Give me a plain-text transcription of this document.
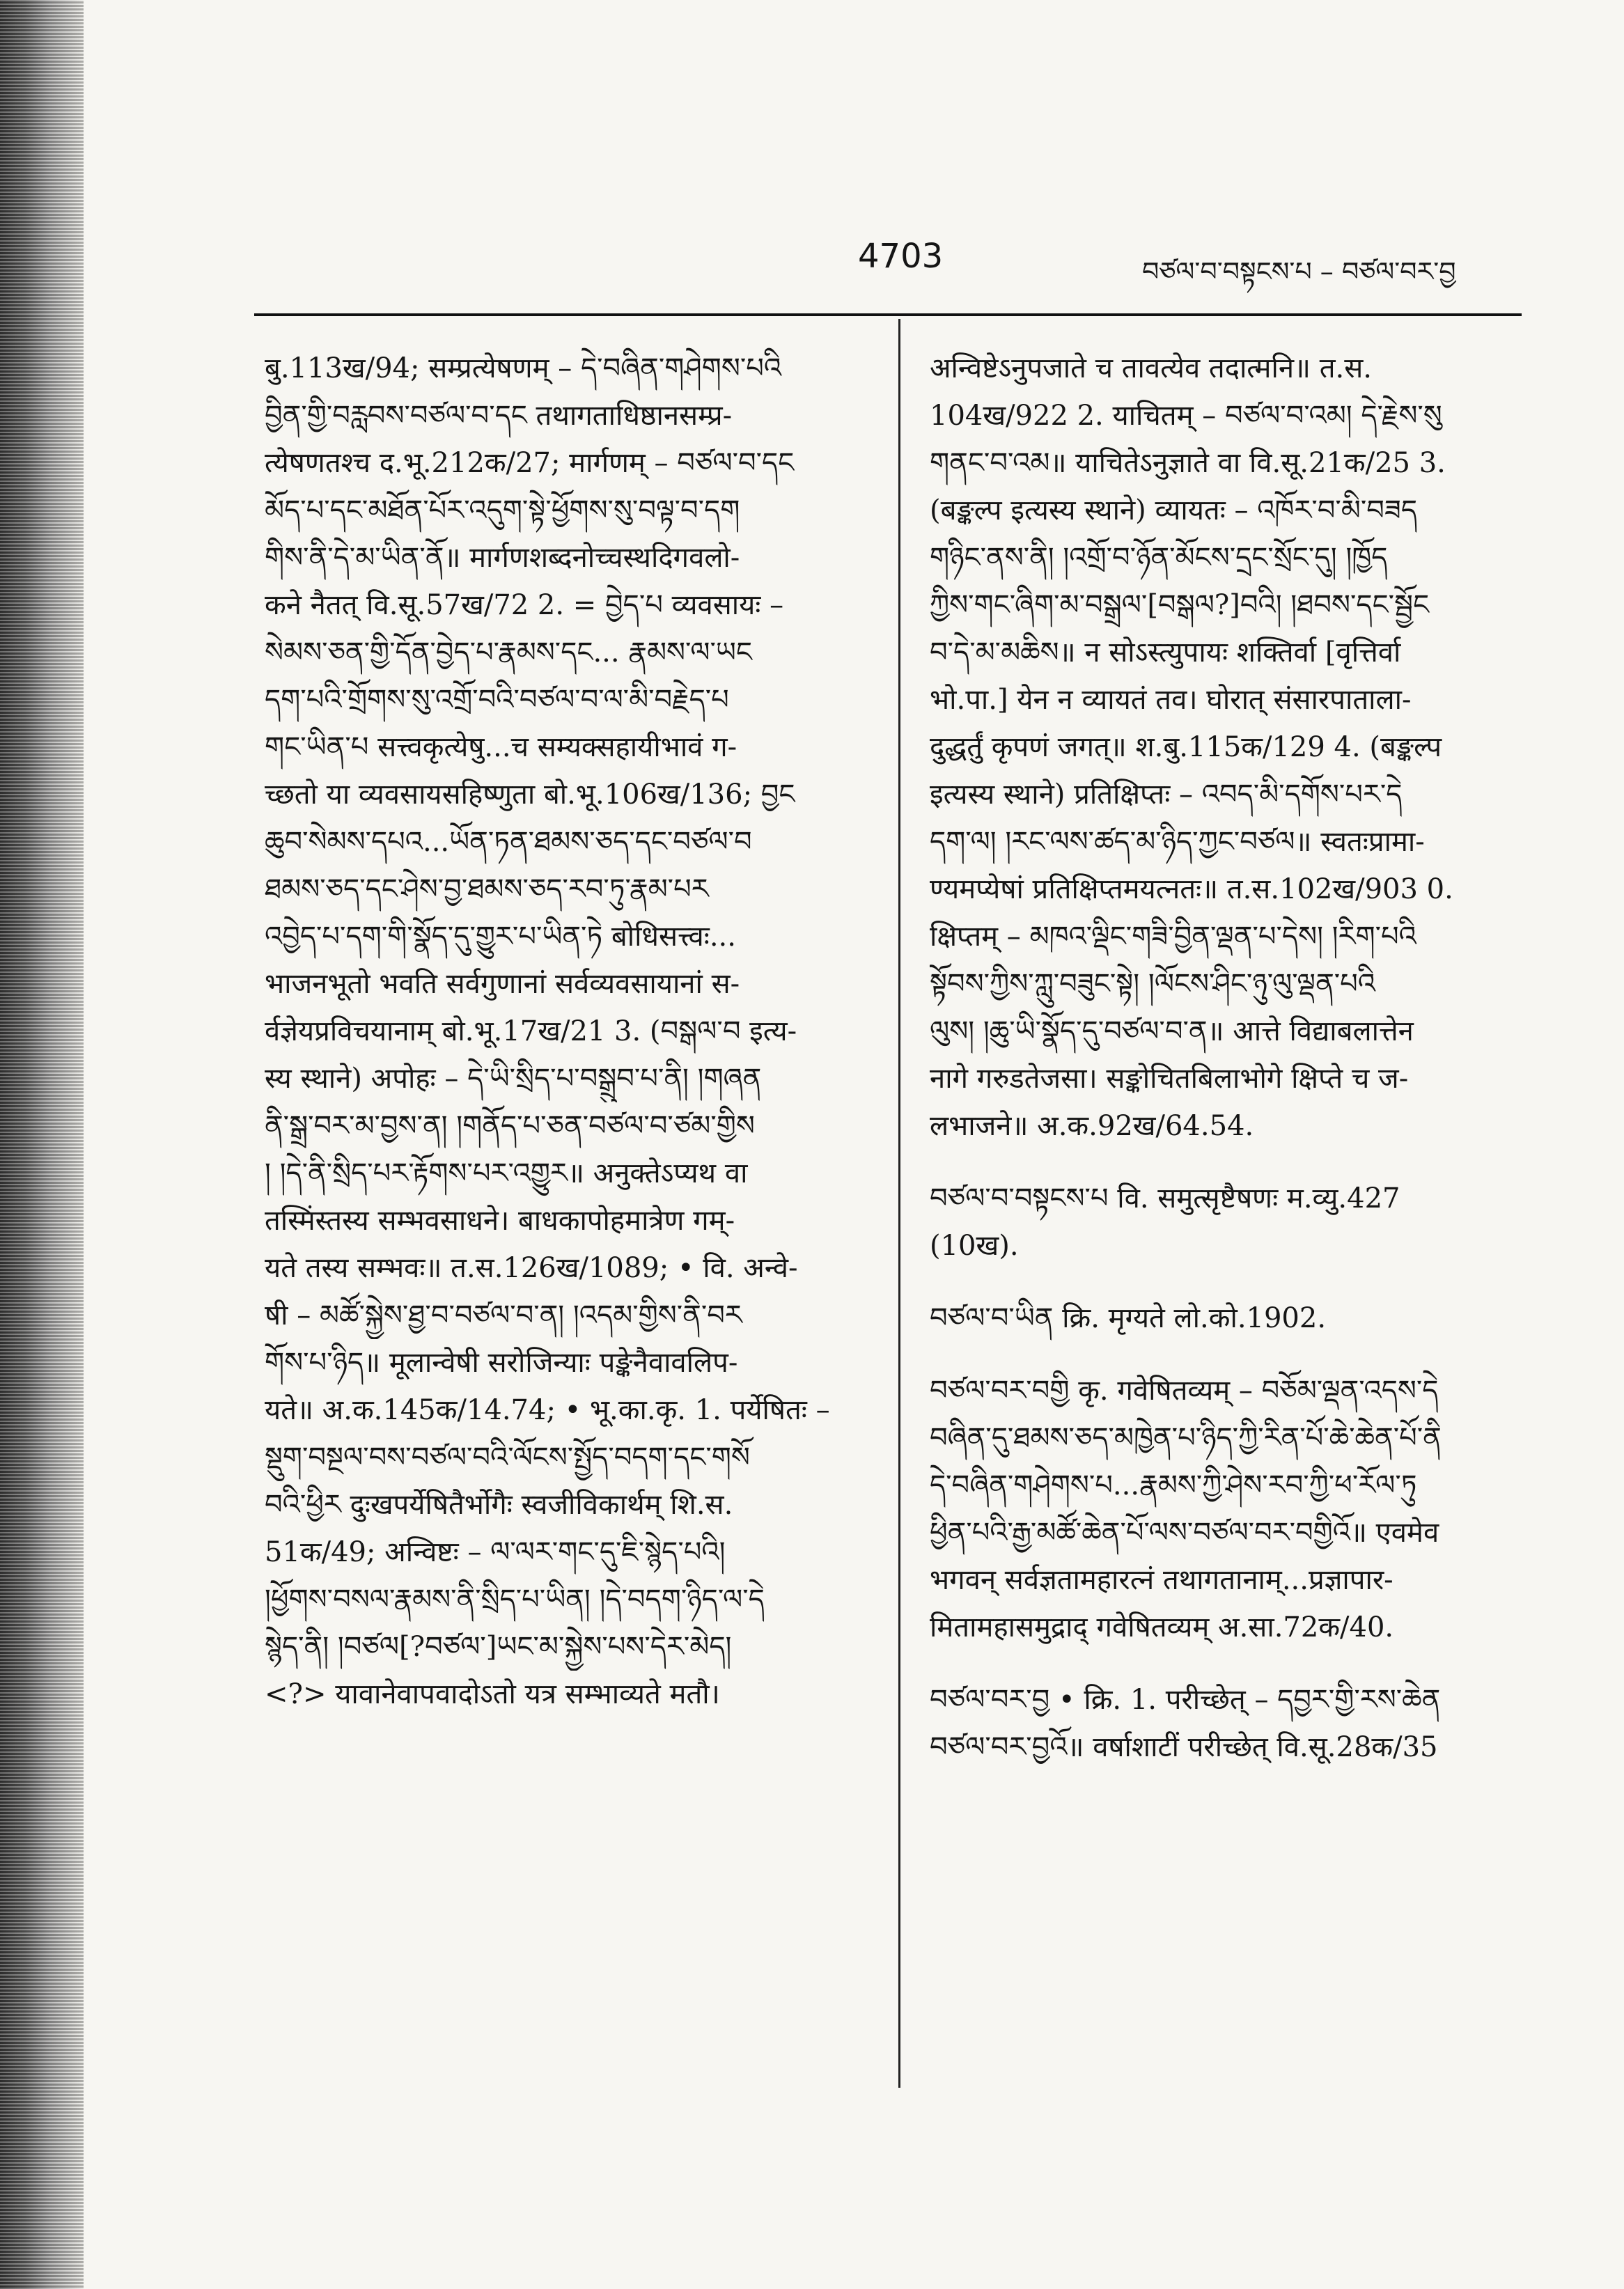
4703	བཙལ་བ་བསྟངས་པ – བཙལ་བར་བྱ

बु.113ख/94; सम्प्रत्येषणम् – དེ་བཞིན་གཤེགས་པའི

བྱིན་གྱི་བརླབས་བཙལ་བ་དང तथागताधिष्ठानसम्प्र-

त्येषणतश्च द.भू.212क/27; मार्गणम् – བཙལ་བ་དང

མོད་པ་དང་མཐོན་པོར་འདུག་སྟེ་ཕྱོགས་སུ་བལྟ་བ་དག

གིས་ནི་དེ་མ་ཡིན་ནོ॥ मार्गणशब्दनोच्चस्थदिगवलो-

कने नैतत् वि.सू.57ख/72 2. = བྱེད་པ व्यवसायः –

སེམས་ཅན་གྱི་དོན་བྱེད་པ་རྣམས་དང... རྣམས་ལ་ཡང

དག་པའི་གྲོགས་སུ་འགྲོ་བའི་བཙལ་བ་ལ་མི་བརྗེད་པ

གང་ཡིན་པ सत्त्वकृत्येषु...च सम्यक्सहायीभावं ग-

च्छतो या व्यवसायसहिष्णुता बो.भू.106ख/136; བྱང

ཆུབ་སེམས་དཔའ...ཡོན་ཏན་ཐམས་ཅད་དང་བཙལ་བ

ཐམས་ཅད་དང་ཤེས་བྱ་ཐམས་ཅད་རབ་ཏུ་རྣམ་པར

འབྱེད་པ་དག་གི་སྣོད་དུ་གྱུར་པ་ཡིན་ཏེ बोधिसत्त्वः...

भाजनभूतो भवति सर्वगुणानां सर्वव्यवसायानां स-

र्वज्ञेयप्रविचयानाम् बो.भू.17ख/21 3. (བསྒལ་བ इत्य-

स्य स्थाने) अपोहः – དེ་ཡི་སྲིད་པ་བསྒྲུབ་པ་ནི། །གཞན

ནི་སྒྲ་བར་མ་བྱས་ན། །གནོད་པ་ཅན་བཙལ་བ་ཙམ་གྱིས

། །དེ་ནི་སྲིད་པར་རྟོགས་པར་འགྱུར॥ अनुक्तेऽप्यथ वा

तस्मिंस्तस्य सम्भवसाधने। बाधकापोहमात्रेण गम्-

यते तस्य सम्भवः॥ त.स.126ख/1089; • वि. अन्वे-

षी – མཚོ་སྐྱེས་ཐྱ་བ་བཙལ་བ་ན། །འདམ་གྱིས་ནི་བར

གོས་པ་ཉིད॥ मूलान्वेषी सरोजिन्याः पङ्केनैवावलिप-

यते॥ अ.क.145क/14.74; • भू.का.कृ. 1. पर्येषितः –

སྡུག་བསྔལ་བས་བཙལ་བའི་ལོངས་སྤྱོད་བདག་དང་གསོ

བའི་ཕྱིར दुःखपर्येषितैर्भोगैः स्वजीविकार्थम् शि.स.

51क/49; अन्विष्टः – ལ་ལར་གང་དུ་ཇི་སྙེད་པའི།

།ཕྱོགས་བསལ་རྣམས་ནི་སྲིད་པ་ཡིན། །དེ་བདག་ཉིད་ལ་དེ

སྙེད་ནི། །བཙལ[?བཙལ་]ཡང་མ་སྐྱེས་པས་དེར་མེད།

<?> यावानेवापवादोऽतो यत्र सम्भाव्यते मतौ।

अन्विष्टेऽनुपजाते च तावत्येव तदात्मनि॥ त.स.

104ख/922 2. याचितम् – བཙལ་བ་འམ། དེ་རྗེས་སུ

གནང་བ་འམ॥ याचितेऽनुज्ञाते वा वि.सू.21क/25 3.

(बङ्कल्प इत्यस्य स्थाने) व्यायतः – འཁོར་བ་མི་བཟད

གཉིང་ནས་ནི། །འགྲོ་བ་ཉོན་མོངས་དྲང་སྲོང་དུ། །ཁྱོད

ཀྱིས་གང་ཞིག་མ་བསྒྲལ་[བསྒལ?]བའི། །ཐབས་དང་སྦྱོང

བ་དེ་མ་མཆིས॥ न सोऽस्त्युपायः शक्तिर्वा [वृत्तिर्वा

भो.पा.] येन न व्यायतं तव। घोरात् संसारपाताला-

दुद्धर्तुं कृपणं जगत्॥ श.बु.115क/129 4. (बङ्कल्प

इत्यस्य स्थाने) प्रतिक्षिप्तः – འབད་མི་དགོས་པར་དེ

དག་ལ། །རང་ལས་ཚད་མ་ཉིད་ཀྱང་བཙལ॥ स्वतःप्रामा-

ण्यमप्येषां प्रतिक्षिप्तमयत्नतः॥ त.स.102ख/903 0.

क्षिप्तम् – མཁའ་ལྡིང་གཟི་བྱིན་ལྡན་པ་དེས། །རིག་པའི

སྟོབས་ཀྱིས་ཀླུ་བཟུང་སྟེ། །ལོངས་ཤིང་ཉུ་ལུ་ལྡན་པའི

ལུས། །ཆུ་ཡི་སྣོད་དུ་བཙལ་བ་ན॥ आत्ते विद्याबलात्तेन

नागे गरुडतेजसा। सङ्कोचितबिलाभोगे क्षिप्ते च ज-

लभाजने॥ अ.क.92ख/64.54.

བཙལ་བ་བསྟངས་པ वि. समुत्सृष्टैषणः म.व्यु.427

(10ख).

བཙལ་བ་ཡིན क्रि. मृग्यते लो.को.1902.

བཙལ་བར་བགྱི कृ. गवेषितव्यम् – བཅོམ་ལྡན་འདས་དེ

བཞིན་དུ་ཐམས་ཅད་མཁྱེན་པ་ཉིད་ཀྱི་རིན་པོ་ཆེ་ཆེན་པོ་ནི

དེ་བཞིན་གཤེགས་པ...རྣམས་ཀྱི་ཤེས་རབ་ཀྱི་ཕ་རོལ་ཏུ

ཕྱིན་པའི་རྒྱ་མཚོ་ཆེན་པོ་ལས་བཙལ་བར་བགྱིའོ॥ एवमेव

भगवन् सर्वज्ञतामहारत्नं तथागतानाम्...प्रज्ञापार-

मितामहासमुद्राद् गवेषितव्यम् अ.सा.72क/40.

བཙལ་བར་བྱ • क्रि. 1. परीच्छेत् – དབྱར་གྱི་རས་ཆེན

བཙལ་བར་བྱའོ॥ वर्षाशाटीं परीच्छेत् वि.सू.28क/35
